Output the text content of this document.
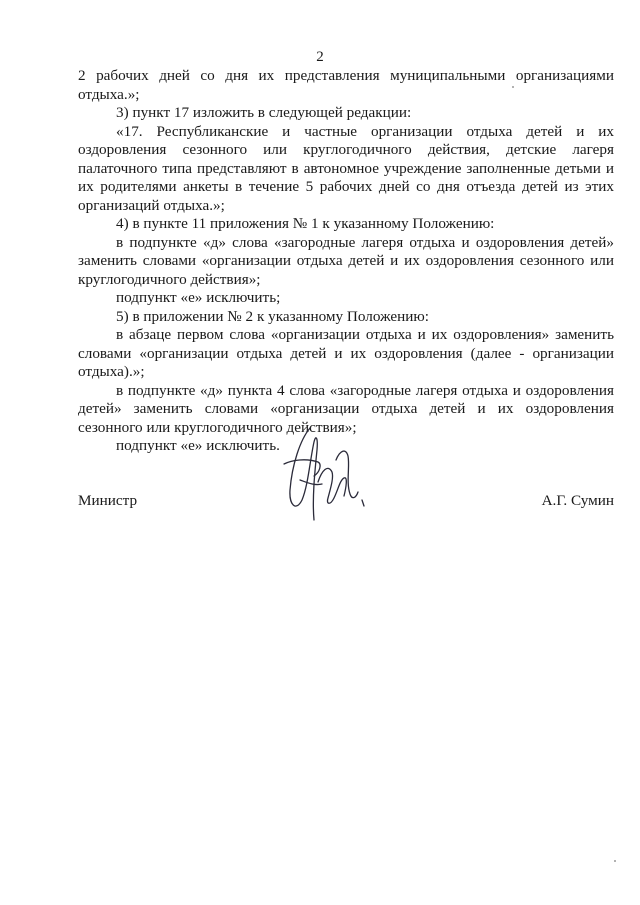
2

2 рабочих дней со дня их представления муниципальными организациями отдыха.»;

3) пункт 17 изложить в следующей редакции:

«17. Республиканские и частные организации отдыха детей и их оздоровления сезонного или круглогодичного действия, детские лагеря палаточного типа представляют в автономное учреждение заполненные детьми и их родителями анкеты в течение 5 рабочих дней со дня отъезда детей из этих организаций отдыха.»;

4) в пункте 11 приложения № 1 к указанному Положению:

в подпункте «д» слова «загородные лагеря отдыха и оздоровления детей» заменить словами «организации отдыха детей и их оздоровления сезонного или круглогодичного действия»;

подпункт «е» исключить;

5) в приложении № 2 к указанному Положению:

в абзаце первом слова «организации отдыха и их оздоровления» заменить словами «организации отдыха детей и их оздоровления (далее - организации отдыха).»;

в подпункте «д» пункта 4 слова «загородные лагеря отдыха и оздоровления детей» заменить словами «организации отдыха детей и их оздоровления сезонного или круглогодичного действия»;

подпункт «е» исключить.

Министр	А.Г. Сумин
